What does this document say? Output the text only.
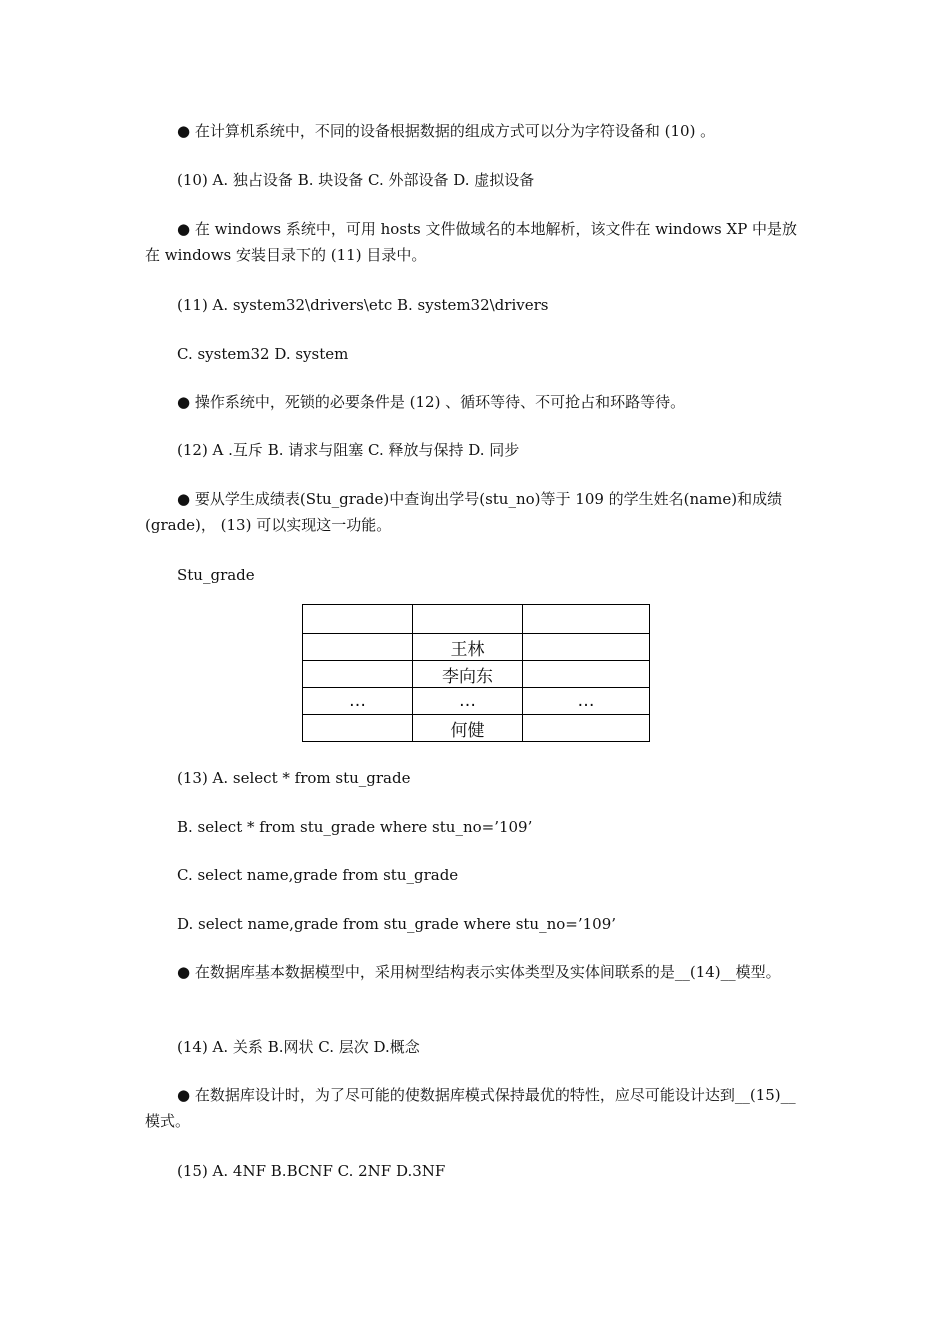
● 在计算机系统中，不同的设备根据数据的组成方式可以分为字符设备和 (10) 。
(10) A. 独占设备 B. 块设备 C. 外部设备 D. 虚拟设备
● 在 windows 系统中，可用 hosts 文件做域名的本地解析，该文件在 windows XP 中是放在 windows 安装目录下的 (11) 目录中。
(11) A. system32\drivers\etc B. system32\drivers
C. system32 D. system
● 操作系统中，死锁的必要条件是 (12) 、循环等待、不可抢占和环路等待。
(12) A .互斥 B. 请求与阻塞 C. 释放与保持 D. 同步
● 要从学生成绩表(Stu_grade)中查询出学号(stu_no)等于 109 的学生姓名(name)和成绩(grade)， (13) 可以实现这一功能。
Stu_grade

	王林	
	李向东	
…	…	…
	何健	
(13) A. select * from stu_grade
B. select * from stu_grade where stu_no=’109’
C. select name,grade from stu_grade
D. select name,grade from stu_grade where stu_no=’109’
● 在数据库基本数据模型中，采用树型结构表示实体类型及实体间联系的是__(14)__模型。
(14) A. 关系 B.网状 C. 层次 D.概念
● 在数据库设计时，为了尽可能的使数据库模式保持最优的特性，应尽可能设计达到__(15)__模式。
(15) A. 4NF B.BCNF C. 2NF D.3NF
